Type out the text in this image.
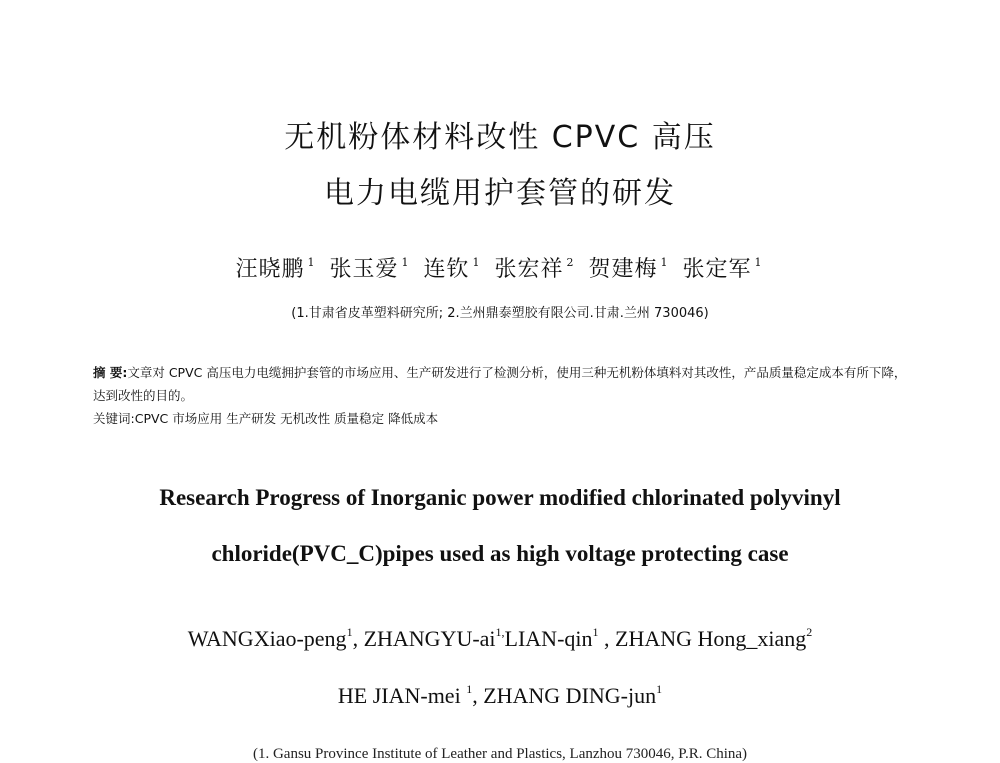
无机粉体材料改性 CPVC 高压
电力电缆用护套管的研发
汪晓鹏 $^1$ 张玉爱 $^1$ 连钦 $^1$ 张宏祥 $^2$ 贺建梅 $^1$ 张定军 $^1$
(1.甘肃省皮革塑料研究所; 2.兰州鼎泰塑胶有限公司.甘肃.兰州 730046)
摘 要:文章对 CPVC 高压电力电缆拥护套管的市场应用、生产研发进行了检测分析，使用三种无机粉体填料对其改性，产品质量稳定成本有所下降，达到改性的目的。
关键词:CPVC 市场应用 生产研发 无机改性 质量稳定 降低成本
Research Progress of Inorganic power modified chlorinated polyvinyl
chloride(PVC_C)pipes used as high voltage protecting case
WANGXiao-peng$^1$, ZHANGYU-$ai^{1,}LIAN-qin^1$ , ZHANG Hong_xiang$^2$
HE JIAN-mei $^1$, ZHANG DING-jun$^1$
(1. Gansu Province Institute of Leather and Plastics, Lanzhou 730046, P.R. China)
